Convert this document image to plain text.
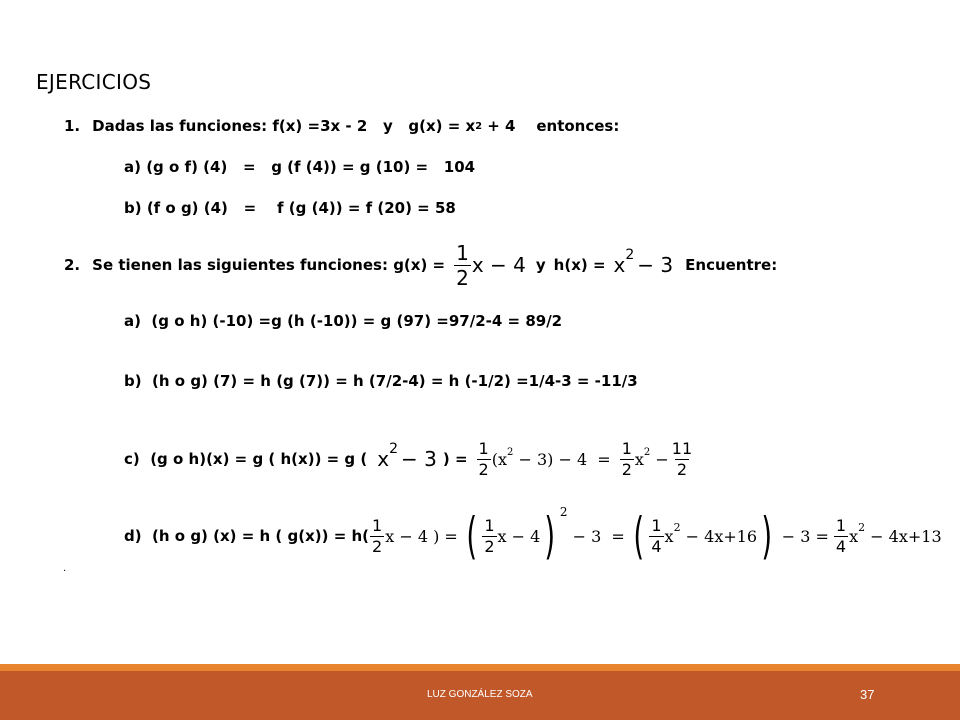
EJERCICIOS
1. Dadas las funciones: f(x) =3x - 2   y   g(x) = x 2 + 4    entonces:
a) (g o f) (4)   =   g (f (4)) = g (10) =   104
b) (f o g) (4)   =    f (g (4)) = f (20) = 58
2. Se tienen las siguientes funciones: $g(x) = \frac{1}{2}$ x − 4 y h(x) = x 2 − 3 Encuentre:
a)  (g o h) (-10) =g (h (-10)) = g (97) =97/2-4 = 89/2
b)  (h o g) (7) = h (g (7)) = h (7/2-4) = h (-1/2) =1/4-3 = -11/3
c)  (g o h)(x) = g ( h(x)) = g ( x 2 − 3 ) = $\frac{1}{2} (x$ $2 - 3) - 4 = \frac{1}{2}$ x $2 - \frac{11}{2}$
d)  (h o g) (x) = h ( $g(x)) = h( \frac{1}{2}$ x − 4 ) = ( $\frac{1}{2}$ x − 4 ) 2
− 3  = ( $\frac{1}{4}$ x 2 − 4x+16 ) − $3 = \frac{1}{4}$ x 2 − 4x+13
.
LUZ GONZÁLEZ SOZA	37
